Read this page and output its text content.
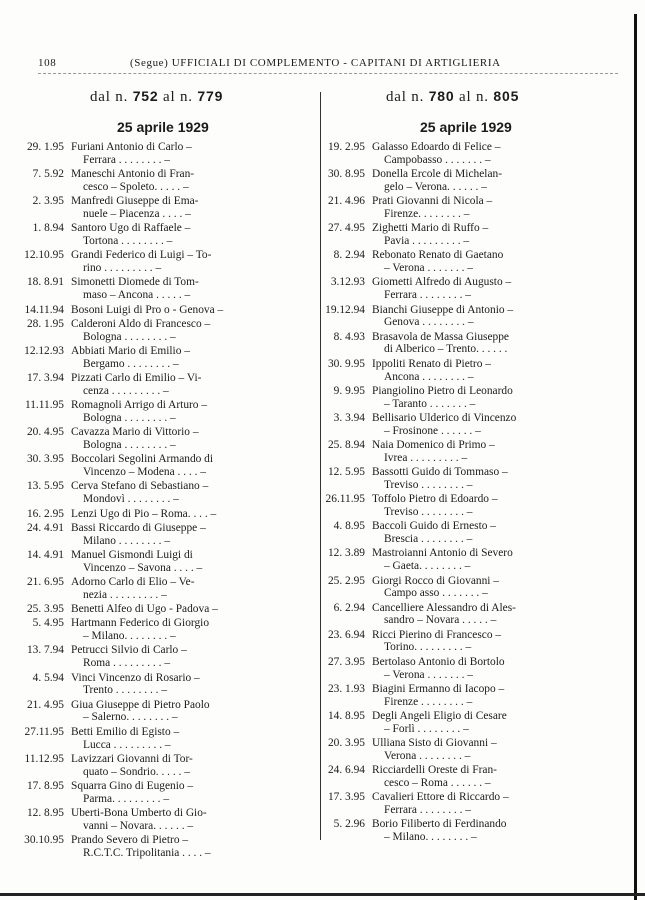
108	(Segue) UFFICIALI DI COMPLEMENTO - CAPITANI DI ARTIGLIERIA
dal n. 752 al n. 779
25 aprile 1929
dal n. 780 al n. 805
25 aprile 1929
29. 1.95 Furiani Antonio di Carlo –
Ferrara . . . . . . . . –
7. 5.92 Maneschi Antonio di Fran-
cesco – Spoleto. . . . . –
2. 3.95 Manfredi Giuseppe di Ema-
nuele – Piacenza . . . . –
1. 8.94 Santoro Ugo di Raffaele –
Tortona . . . . . . . . –
12.10.95 Grandi Federico di Luigi – To-
rino . . . . . . . . . –
18. 8.91 Simonetti Diomede di Tom-
maso – Ancona . . . . . –
14.11.94 Bosoni Luigi di Pro o - Genova –
28. 1.95 Calderoni Aldo di Francesco –
Bologna . . . . . . . . –
12.12.93 Abbiati Mario di Emilio –
Bergamo . . . . . . . . –
17. 3.94 Pizzati Carlo di Emilio – Vi-
cenza . . . . . . . . . –
11.11.95 Romagnoli Arrigo di Arturo –
Bologna . . . . . . . . –
20. 4.95 Cavazza Mario di Vittorio –
Bologna . . . . . . . . –
30. 3.95 Boccolari Segolini Armando di
Vincenzo – Modena . . . . –
13. 5.95 Cerva Stefano di Sebastiano –
Mondovì . . . . . . . . –
16. 2.95 Lenzi Ugo di Pio – Roma. . . . –
24. 4.91 Bassi Riccardo di Giuseppe –
Milano . . . . . . . . –
14. 4.91 Manuel Gismondi Luigi di
Vincenzo – Savona . . . . –
21. 6.95 Adorno Carlo di Elio – Ve-
nezia . . . . . . . . . –
25. 3.95 Benetti Alfeo di Ugo - Padova –
5. 4.95 Hartmann Federico di Giorgio
– Milano. . . . . . . . –
13. 7.94 Petrucci Silvio di Carlo –
Roma . . . . . . . . . –
4. 5.94 Vinci Vincenzo di Rosario –
Trento . . . . . . . . –
21. 4.95 Giua Giuseppe di Pietro Paolo
– Salerno. . . . . . . . –
27.11.95 Betti Emilio di Egisto –
Lucca . . . . . . . . . –
11.12.95 Lavizzari Giovanni di Tor-
quato – Sondrio. . . . . –
17. 8.95 Squarra Gino di Eugenio –
Parma. . . . . . . . . –
12. 8.95 Uberti-Bona Umberto di Gio-
vanni – Novara. . . . . . –
30.10.95 Prando Severo di Pietro –
R.C.T.C. Tripolitania . . . . –
19. 2.95 Galasso Edoardo di Felice –
Campobasso . . . . . . . –
30. 8.95 Donella Ercole di Michelan-
gelo – Verona. . . . . . –
21. 4.96 Prati Giovanni di Nicola –
Firenze. . . . . . . . –
27. 4.95 Zighetti Mario di Ruffo –
Pavia . . . . . . . . . –
8. 2.94 Rebonato Renato di Gaetano
– Verona . . . . . . . –
3.12.93 Giometti Alfredo di Augusto –
Ferrara . . . . . . . . –
19.12.94 Bianchi Giuseppe di Antonio –
Genova . . . . . . . . –
8. 4.93 Brasavola de Massa Giuseppe
di Alberico – Trento. . . . . .
30. 9.95 Ippoliti Renato di Pietro –
Ancona . . . . . . . . –
9. 9.95 Piangiolino Pietro di Leonardo
– Taranto . . . . . . . –
3. 3.94 Bellisario Ulderico di Vincenzo
– Frosinone . . . . . . –
25. 8.94 Naia Domenico di Primo –
Ivrea . . . . . . . . . –
12. 5.95 Bassotti Guido di Tommaso –
Treviso . . . . . . . . –
26.11.95 Toffolo Pietro di Edoardo –
Treviso . . . . . . . . –
4. 8.95 Baccoli Guido di Ernesto –
Brescia . . . . . . . . –
12. 3.89 Mastroianni Antonio di Severo
– Gaeta. . . . . . . . –
25. 2.95 Giorgi Rocco di Giovanni –
Campo asso . . . . . . . –
6. 2.94 Cancelliere Alessandro di Ales-
sandro – Novara . . . . . –
23. 6.94 Ricci Pierino di Francesco –
Torino. . . . . . . . . –
27. 3.95 Bertolaso Antonio di Bortolo
– Verona . . . . . . . –
23. 1.93 Biagini Ermanno di Iacopo –
Firenze . . . . . . . . –
14. 8.95 Degli Angeli Eligio di Cesare
– Forlì . . . . . . . . –
20. 3.95 Ulliana Sisto di Giovanni –
Verona . . . . . . . . –
24. 6.94 Ricciardelli Oreste di Fran-
cesco – Roma . . . . . . –
17. 3.95 Cavalieri Ettore di Riccardo –
Ferrara . . . . . . . . –
5. 2.96 Borio Filiberto di Ferdinando
– Milano. . . . . . . . –
